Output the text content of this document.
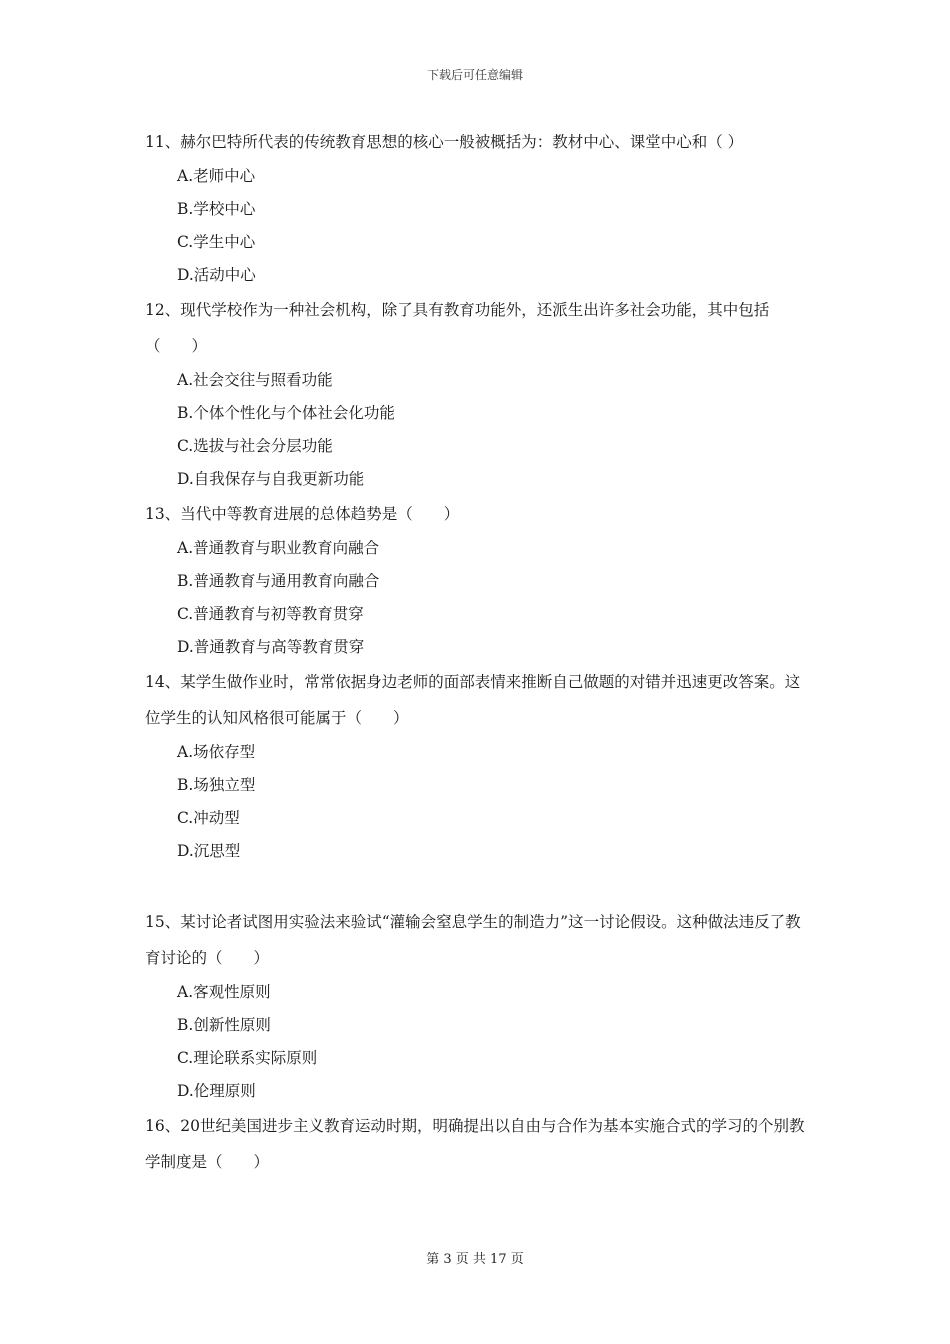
下载后可任意编辑

11、赫尔巴特所代表的传统教育思想的核心一般被概括为：教材中心、课堂中心和（ ）

A.老师中心

B.学校中心

C.学生中心

D.活动中心

12、现代学校作为一种社会机构，除了具有教育功能外，还派生出许多社会功能，其中包括（　　）

A.社会交往与照看功能

B.个体个性化与个体社会化功能

C.选拔与社会分层功能

D.自我保存与自我更新功能

13、当代中等教育进展的总体趋势是（　　）

A.普通教育与职业教育向融合

B.普通教育与通用教育向融合

C.普通教育与初等教育贯穿

D.普通教育与高等教育贯穿

14、某学生做作业时，常常依据身边老师的面部表情来推断自己做题的对错并迅速更改答案。这位学生的认知风格很可能属于（　　）

A.场依存型

B.场独立型

C.冲动型

D.沉思型

15、某讨论者试图用实验法来验试“灌输会窒息学生的制造力”这一讨论假设。这种做法违反了教育讨论的（　　）

A.客观性原则

B.创新性原则

C.理论联系实际原则

D.伦理原则

16、20世纪美国进步主义教育运动时期，明确提出以自由与合作为基本实施合式的学习的个别教学制度是（　　）

第 3 页 共 17 页
